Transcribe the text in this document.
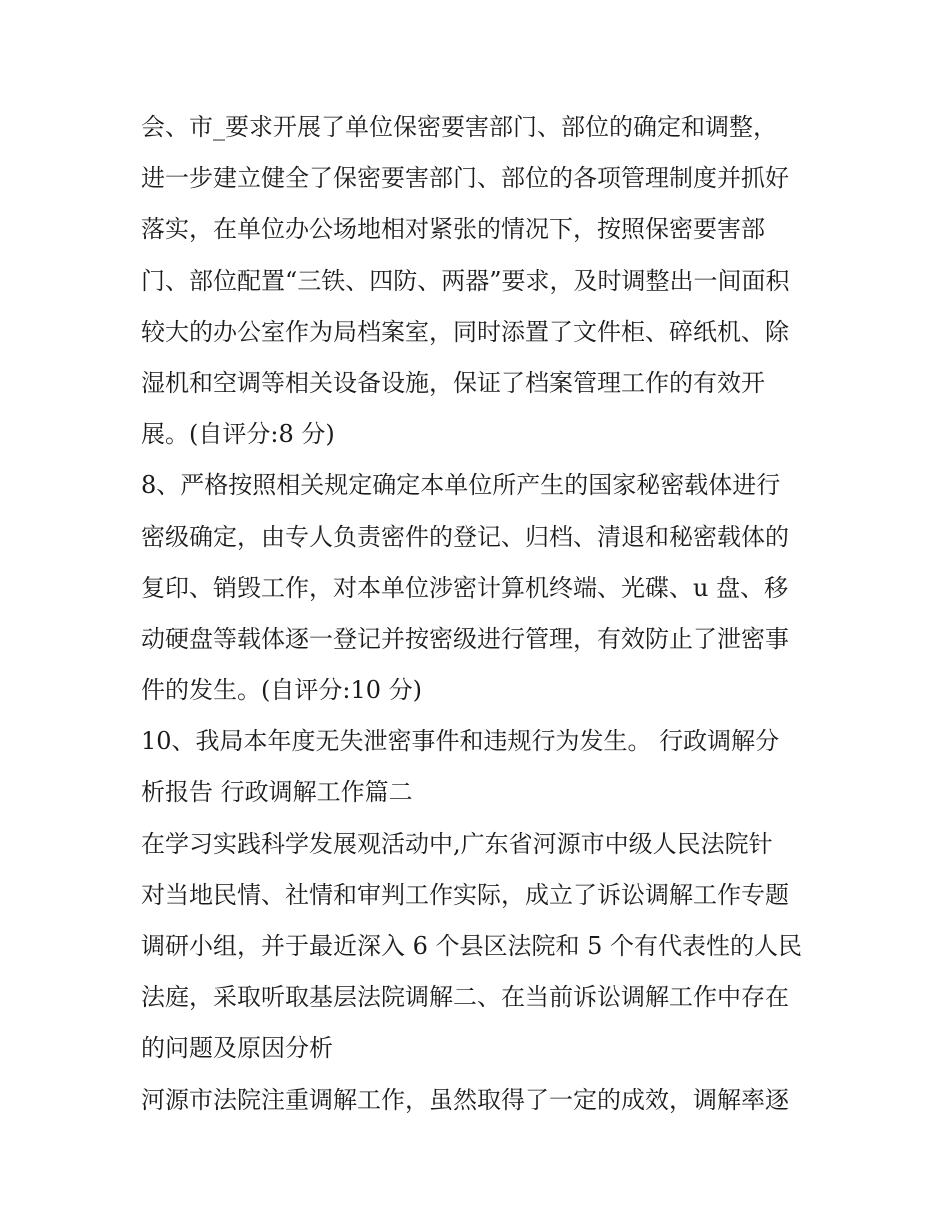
会、市_要求开展了单位保密要害部门、部位的确定和调整，
进一步建立健全了保密要害部门、部位的各项管理制度并抓好
落实，在单位办公场地相对紧张的情况下，按照保密要害部
门、部位配置“三铁、四防、两器”要求，及时调整出一间面积
较大的办公室作为局档案室，同时添置了文件柜、碎纸机、除
湿机和空调等相关设备设施，保证了档案管理工作的有效开
展。(自评分:8 分)
8、严格按照相关规定确定本单位所产生的国家秘密载体进行
密级确定，由专人负责密件的登记、归档、清退和秘密载体的
复印、销毁工作，对本单位涉密计算机终端、光碟、u 盘、移
动硬盘等载体逐一登记并按密级进行管理，有效防止了泄密事
件的发生。(自评分:10 分)
10、我局本年度无失泄密事件和违规行为发生。 行政调解分
析报告 行政调解工作篇二
在学习实践科学发展观活动中,广东省河源市中级人民法院针
对当地民情、社情和审判工作实际，成立了诉讼调解工作专题
调研小组，并于最近深入 6 个县区法院和 5 个有代表性的人民
法庭，采取听取基层法院调解二、在当前诉讼调解工作中存在
的问题及原因分析
河源市法院注重调解工作，虽然取得了一定的成效，调解率逐
